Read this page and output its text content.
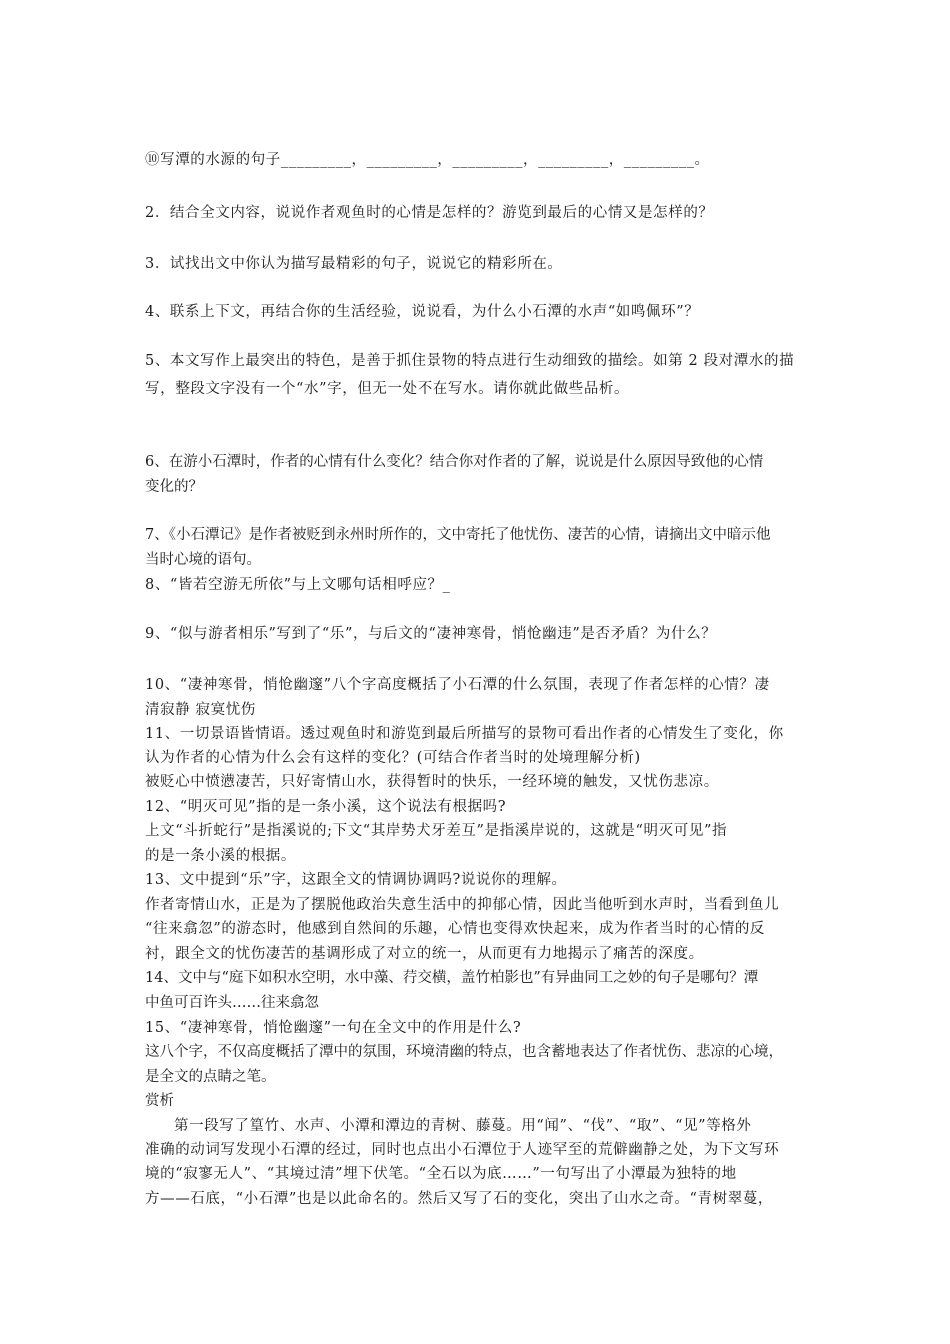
⑩写潭的水源的句子_________，_________，_________，_________，_________。
2．结合全文内容，说说作者观鱼时的心情是怎样的？游览到最后的心情又是怎样的？
3．试找出文中你认为描写最精彩的句子，说说它的精彩所在。
4、联系上下文，再结合你的生活经验，说说看，为什么小石潭的水声“如鸣佩环”？
5、本文写作上最突出的特色，是善于抓住景物的特点进行生动细致的描绘。如第 2 段对潭水的描
写，整段文字没有一个“水”字，但无一处不在写水。请你就此做些品析。
6、在游小石潭时，作者的心情有什么变化？结合你对作者的了解，说说是什么原因导致他的心情
变化的？
7、《小石潭记》是作者被贬到永州时所作的，文中寄托了他忧伤、凄苦的心情，请摘出文中暗示他
当时心境的语句。
8、“皆若空游无所依”与上文哪句话相呼应？_
9、“似与游者相乐”写到了“乐”，与后文的“凄神寒骨，悄怆幽违”是否矛盾？为什么？
10、“凄神寒骨，悄怆幽邃”八个字高度概括了小石潭的什么氛围，表现了作者怎样的心情？凄
清寂静 寂寞忧伤
11、一切景语皆情语。透过观鱼时和游览到最后所描写的景物可看出作者的心情发生了变化，你
认为作者的心情为什么会有这样的变化？(可结合作者当时的处境理解分析)
被贬心中愤懑凄苦，只好寄情山水，获得暂时的快乐，一经环境的触发，又忧伤悲凉。
12、“明灭可见”指的是一条小溪，这个说法有根据吗?
上文“斗折蛇行”是指溪说的;下文“其岸势犬牙差互”是指溪岸说的，这就是“明灭可见”指
的是一条小溪的根据。
13、文中提到“乐”字，这跟全文的情调协调吗?说说你的理解。
作者寄情山水，正是为了摆脱他政治失意生活中的抑郁心情，因此当他听到水声时，当看到鱼儿
“往来翕忽”的游态时，他感到自然间的乐趣，心情也变得欢快起来，成为作者当时的心情的反
衬，跟全文的忧伤凄苦的基调形成了对立的统一，从而更有力地揭示了痛苦的深度。
14、文中与“庭下如积水空明，水中藻、荇交横，盖竹柏影也”有异曲同工之妙的句子是哪句？潭
中鱼可百许头……往来翕忽
15、“凄神寒骨，悄怆幽邃”一句在全文中的作用是什么?
这八个字，不仅高度概括了潭中的氛围，环境清幽的特点，也含蓄地表达了作者忧伤、悲凉的心境，
是全文的点睛之笔。
赏析
第一段写了篁竹、水声、小潭和潭边的青树、藤蔓。用“闻”、“伐”、“取”、“见”等格外
准确的动词写发现小石潭的经过，同时也点出小石潭位于人迹罕至的荒僻幽静之处，为下文写环
境的“寂寥无人”、“其境过清”埋下伏笔。“全石以为底……”一句写出了小潭最为独特的地
方——石底，“小石潭”也是以此命名的。然后又写了石的变化，突出了山水之奇。“青树翠蔓，
